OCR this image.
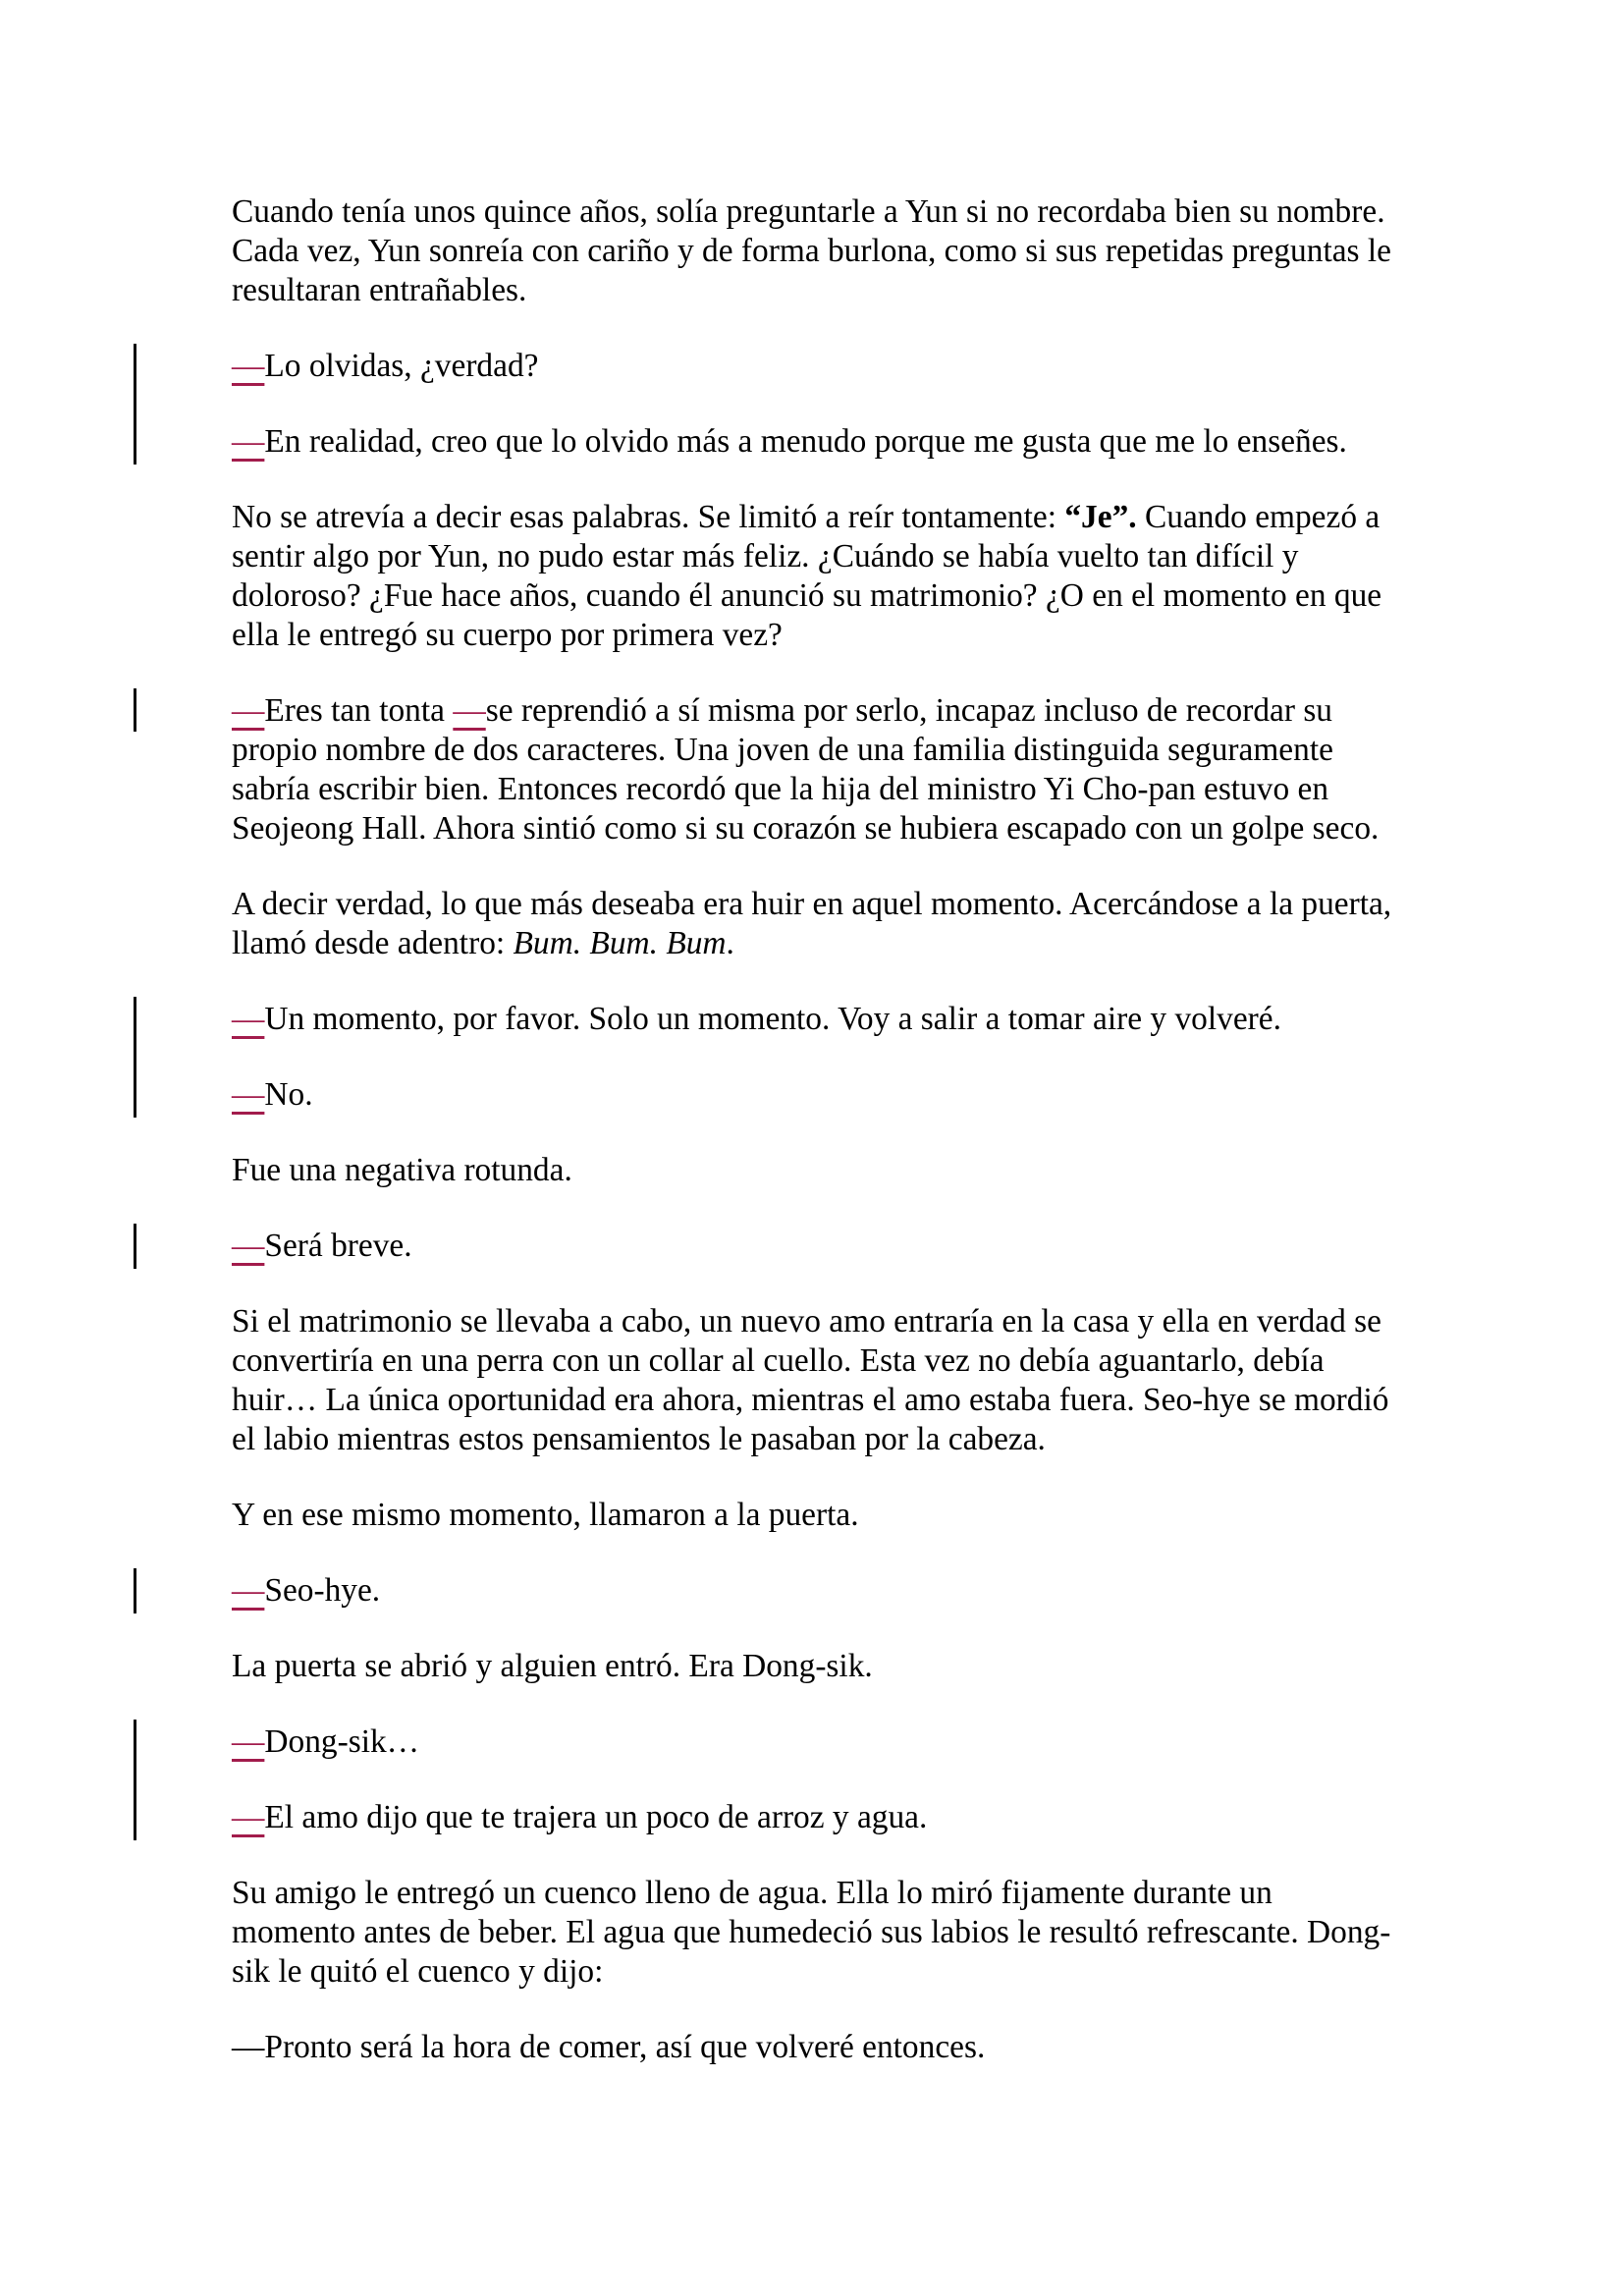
Cuando tenía unos quince años, solía preguntarle a Yun si no recordaba bien su nombre. Cada vez, Yun sonreía con cariño y de forma burlona, como si sus repetidas preguntas le resultaran entrañables.

—Lo olvidas, ¿verdad?

—En realidad, creo que lo olvido más a menudo porque me gusta que me lo enseñes.

No se atrevía a decir esas palabras. Se limitó a reír tontamente: “Je”. Cuando empezó a sentir algo por Yun, no pudo estar más feliz. ¿Cuándo se había vuelto tan difícil y doloroso? ¿Fue hace años, cuando él anunció su matrimonio? ¿O en el momento en que ella le entregó su cuerpo por primera vez?

—Eres tan tonta —se reprendió a sí misma por serlo, incapaz incluso de recordar su propio nombre de dos caracteres. Una joven de una familia distinguida seguramente sabría escribir bien. Entonces recordó que la hija del ministro Yi Cho-pan estuvo en Seojeong Hall. Ahora sintió como si su corazón se hubiera escapado con un golpe seco.

A decir verdad, lo que más deseaba era huir en aquel momento. Acercándose a la puerta, llamó desde adentro: Bum. Bum. Bum.

—Un momento, por favor. Solo un momento. Voy a salir a tomar aire y volveré.

—No.

Fue una negativa rotunda.

—Será breve.

Si el matrimonio se llevaba a cabo, un nuevo amo entraría en la casa y ella en verdad se convertiría en una perra con un collar al cuello. Esta vez no debía aguantarlo, debía huir… La única oportunidad era ahora, mientras el amo estaba fuera. Seo-hye se mordió el labio mientras estos pensamientos le pasaban por la cabeza.

Y en ese mismo momento, llamaron a la puerta.

—Seo-hye.

La puerta se abrió y alguien entró. Era Dong-sik.

—Dong-sik…

—El amo dijo que te trajera un poco de arroz y agua.

Su amigo le entregó un cuenco lleno de agua. Ella lo miró fijamente durante un momento antes de beber. El agua que humedeció sus labios le resultó refrescante. Dong-sik le quitó el cuenco y dijo:

—Pronto será la hora de comer, así que volveré entonces.
